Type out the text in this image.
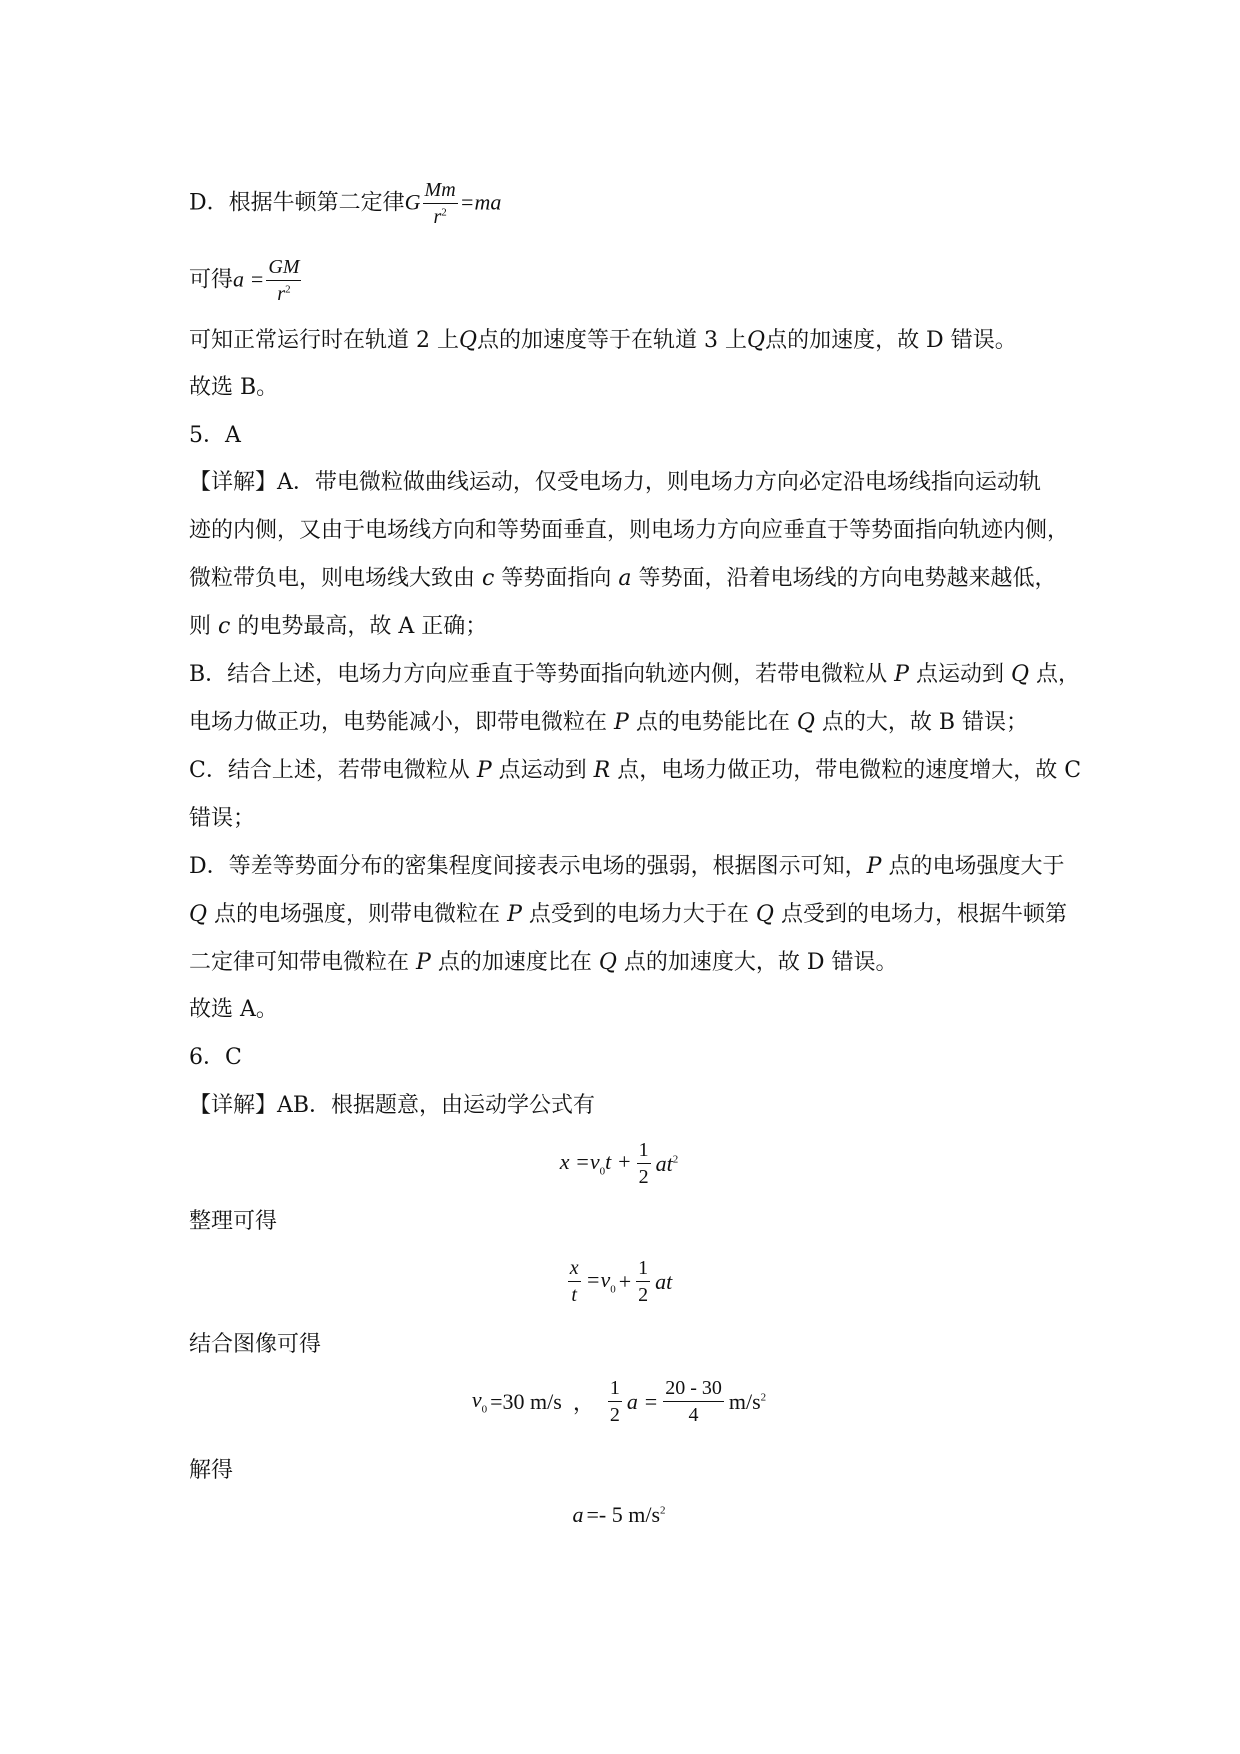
D．根据牛顿第二定律G $\frac{Mm}{r^2} =ma$
可得$a = \frac{GM}{r^2}$
可知正常运行时在轨道 2 上Q点的加速度等于在轨道 3 上Q点的加速度，故 D 错误。
故选 B。
5．A
【详解】A．带电微粒做曲线运动，仅受电场力，则电场力方向必定沿电场线指向运动轨
迹的内侧，又由于电场线方向和等势面垂直，则电场力方向应垂直于等势面指向轨迹内侧，
微粒带负电，则电场线大致由 c 等势面指向 a 等势面，沿着电场线的方向电势越来越低，
则 c 的电势最高，故 A 正确；
B．结合上述，电场力方向应垂直于等势面指向轨迹内侧，若带电微粒从 P 点运动到 Q 点，
电场力做正功，电势能减小，即带电微粒在 P 点的电势能比在 Q 点的大，故 B 错误；
C．结合上述，若带电微粒从 P 点运动到 R 点，电场力做正功，带电微粒的速度增大，故 C
错误；
D．等差等势面分布的密集程度间接表示电场的强弱，根据图示可知，P 点的电场强度大于
Q 点的电场强度，则带电微粒在 P 点受到的电场力大于在 Q 点受到的电场力，根据牛顿第
二定律可知带电微粒在 P 点的加速度比在 Q 点的加速度大，故 D 错误。
故选 A。
6．C
【详解】AB．根据题意，由运动学公式有
$x =v_0t + \frac{1}{2} at^2$
整理可得
$\frac{x}{t} =v_0 + \frac{1}{2}$ at
结合图像可得
$v_0 =30$ m/s ， $\frac{1}{2}$ $a = \frac{20 - 30}{4} m/s^2$
解得
a =- 5 $m/s^2$
